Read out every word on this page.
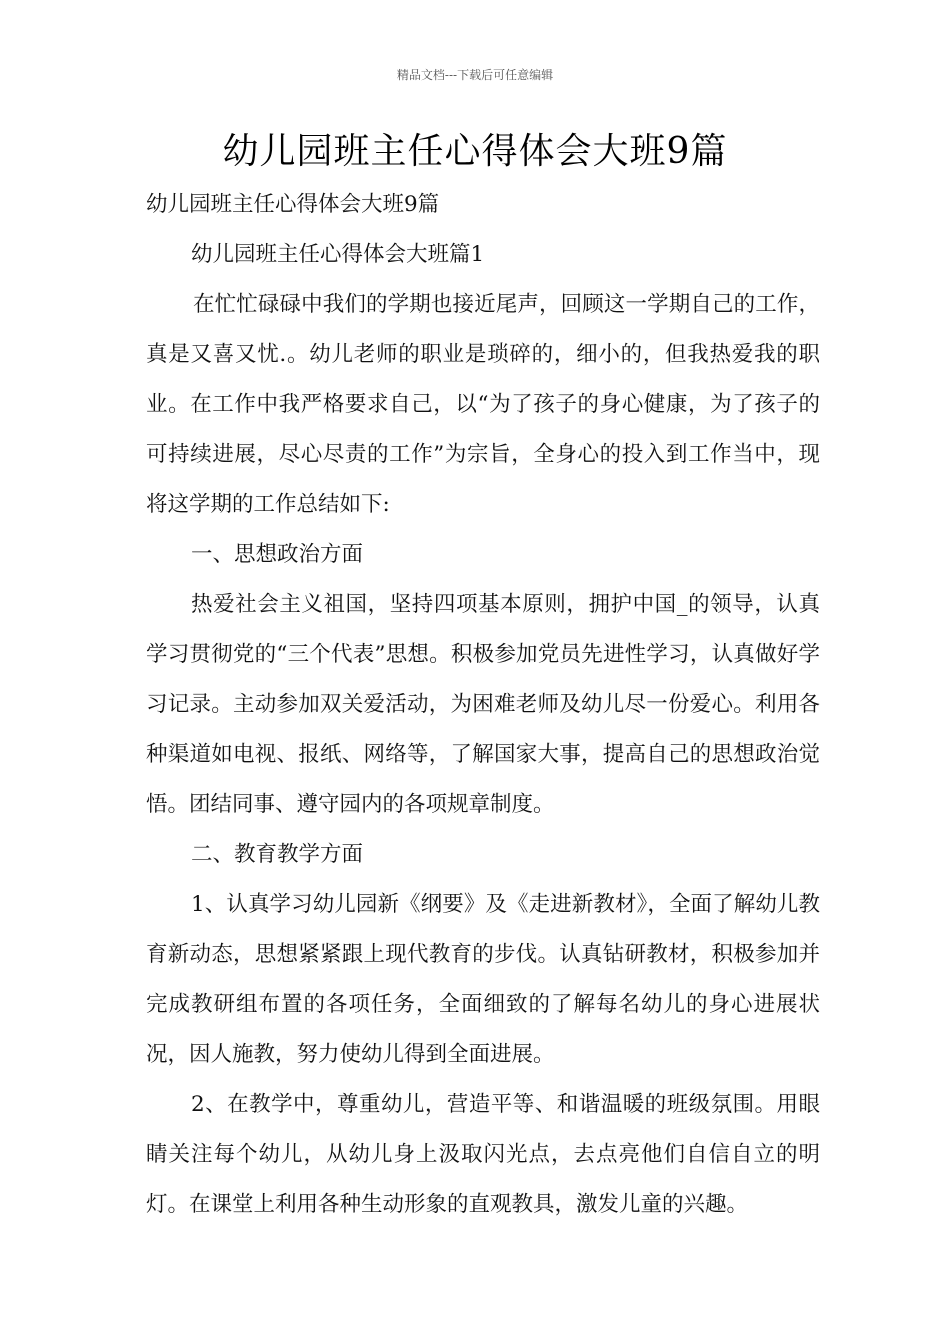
精品文档---下载后可任意编辑
幼儿园班主任心得体会大班9篇

幼儿园班主任心得体会大班9篇

幼儿园班主任心得体会大班篇1

在忙忙碌碌中我们的学期也接近尾声，回顾这一学期自己的工作，真是又喜又忧.。幼儿老师的职业是琐碎的，细小的，但我热爱我的职业。在工作中我严格要求自己，以“为了孩子的身心健康，为了孩子的可持续进展，尽心尽责的工作”为宗旨，全身心的投入到工作当中，现将这学期的工作总结如下:

一、思想政治方面

热爱社会主义祖国，坚持四项基本原则，拥护中国_的领导，认真学习贯彻党的“三个代表”思想。积极参加党员先进性学习，认真做好学习记录。主动参加双关爱活动，为困难老师及幼儿尽一份爱心。利用各种渠道如电视、报纸、网络等，了解国家大事，提高自己的思想政治觉悟。团结同事、遵守园内的各项规章制度。

二、教育教学方面

1、认真学习幼儿园新《纲要》及《走进新教材》，全面了解幼儿教育新动态，思想紧紧跟上现代教育的步伐。认真钻研教材，积极参加并完成教研组布置的各项任务，全面细致的了解每名幼儿的身心进展状况，因人施教，努力使幼儿得到全面进展。

2、在教学中，尊重幼儿，营造平等、和谐温暖的班级氛围。用眼睛关注每个幼儿，从幼儿身上汲取闪光点，去点亮他们自信自立的明灯。在课堂上利用各种生动形象的直观教具，激发儿童的兴趣。
